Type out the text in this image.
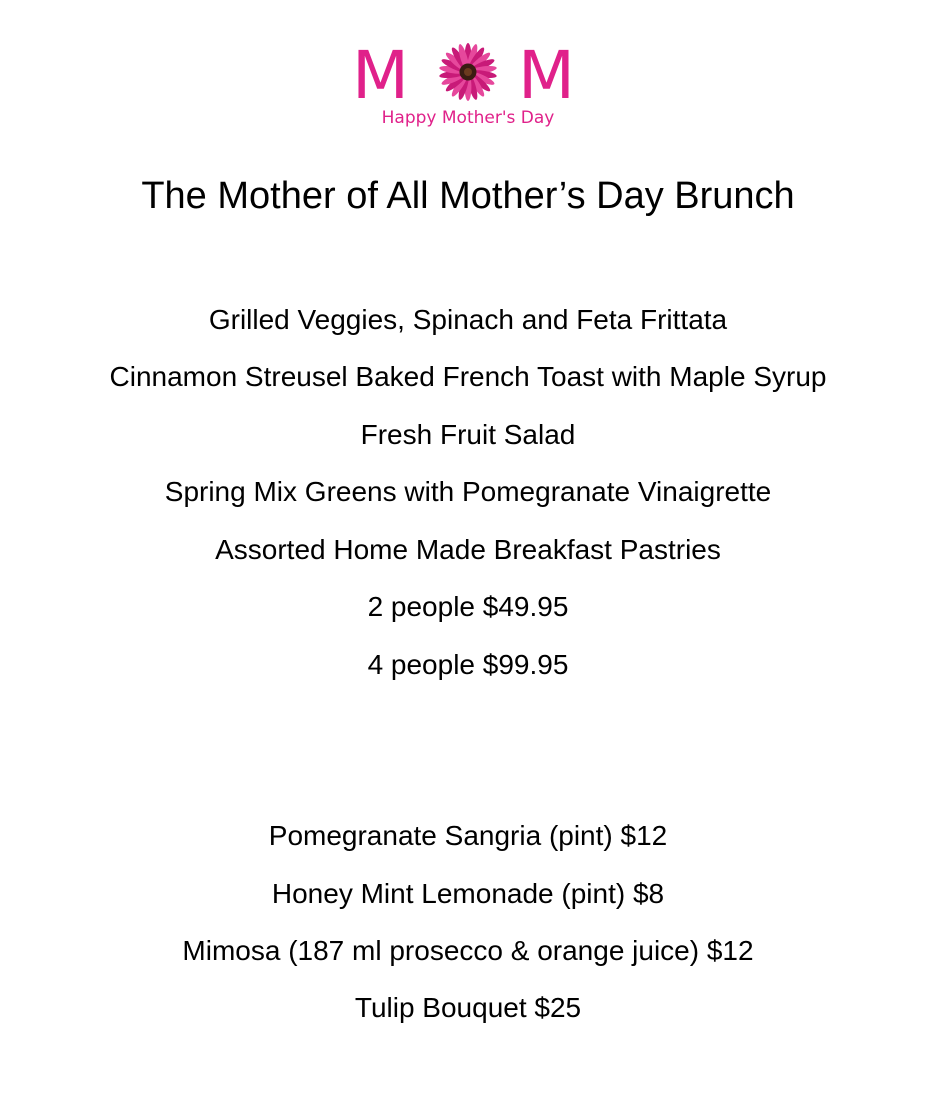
M M
Happy Mother's Day
The Mother of All Mother’s Day Brunch
Grilled Veggies, Spinach and Feta Frittata
Cinnamon Streusel Baked French Toast with Maple Syrup
Fresh Fruit Salad
Spring Mix Greens with Pomegranate Vinaigrette
Assorted Home Made Breakfast Pastries
2 people $49.95
4 people $99.95
Pomegranate Sangria (pint) $12
Honey Mint Lemonade (pint) $8
Mimosa (187 ml prosecco & orange juice) $12
Tulip Bouquet $25
